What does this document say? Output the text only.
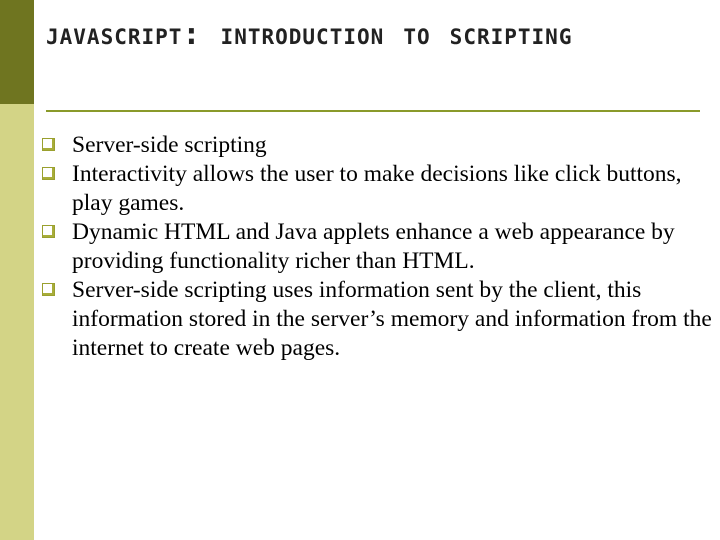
javascript: introduction to scripting
Server-side scripting
Interactivity allows the user to make decisions like click buttons, play games.
Dynamic HTML and Java applets enhance a web appearance by providing functionality richer than HTML.
Server-side scripting uses information sent by the client, this information stored in the server’s memory and information from the internet to create web pages.
